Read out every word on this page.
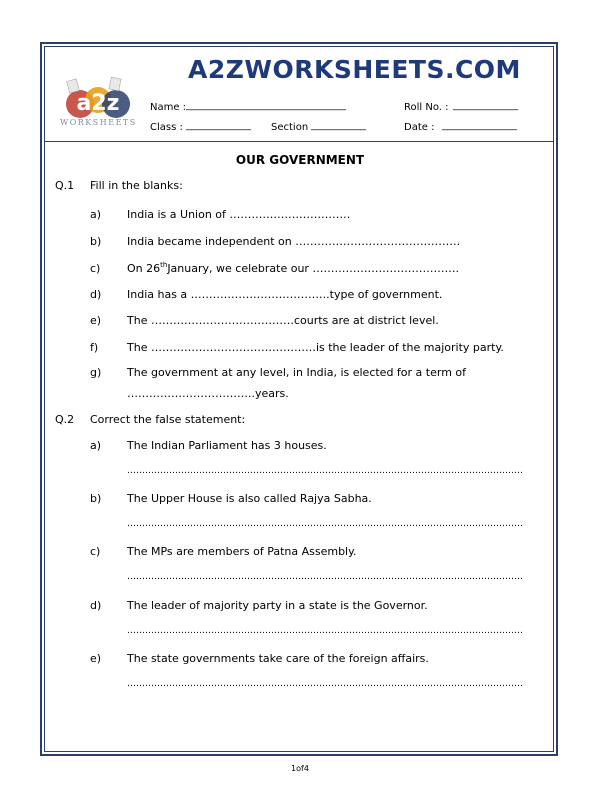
A2ZWORKSHEETS.COM
a2z
WORKSHEETS
Name : ________________________________	Roll No. : _____________
Class : _____________ Section ___________	Date : _______________
OUR GOVERNMENT
Q.1 Fill in the blanks:
a) India is a Union of ……………………………
b) India became independent on ………………………………………
c) On 26thJanuary, we celebrate our ………………………………….
d) India has a ………………………………..type of government.
e) The …………………………………courts are at district level.
f)	The ………………………………………is the leader of the majority party.
g) The government at any level, in India, is elected for a term of
……………………………..years.
Q.2 Correct the false statement:
a) The Indian Parliament has 3 houses.
……………………………………………………………………………………………………………………
b) The Upper House is also called Rajya Sabha.
……………………………………………………………………………………………………………………
c) The MPs are members of Patna Assembly.
……………………………………………………………………………………………………………………
d) The leader of majority party in a state is the Governor.
……………………………………………………………………………………………………………………
e) The state governments take care of the foreign affairs.
……………………………………………………………………………………………………………………
1of4
